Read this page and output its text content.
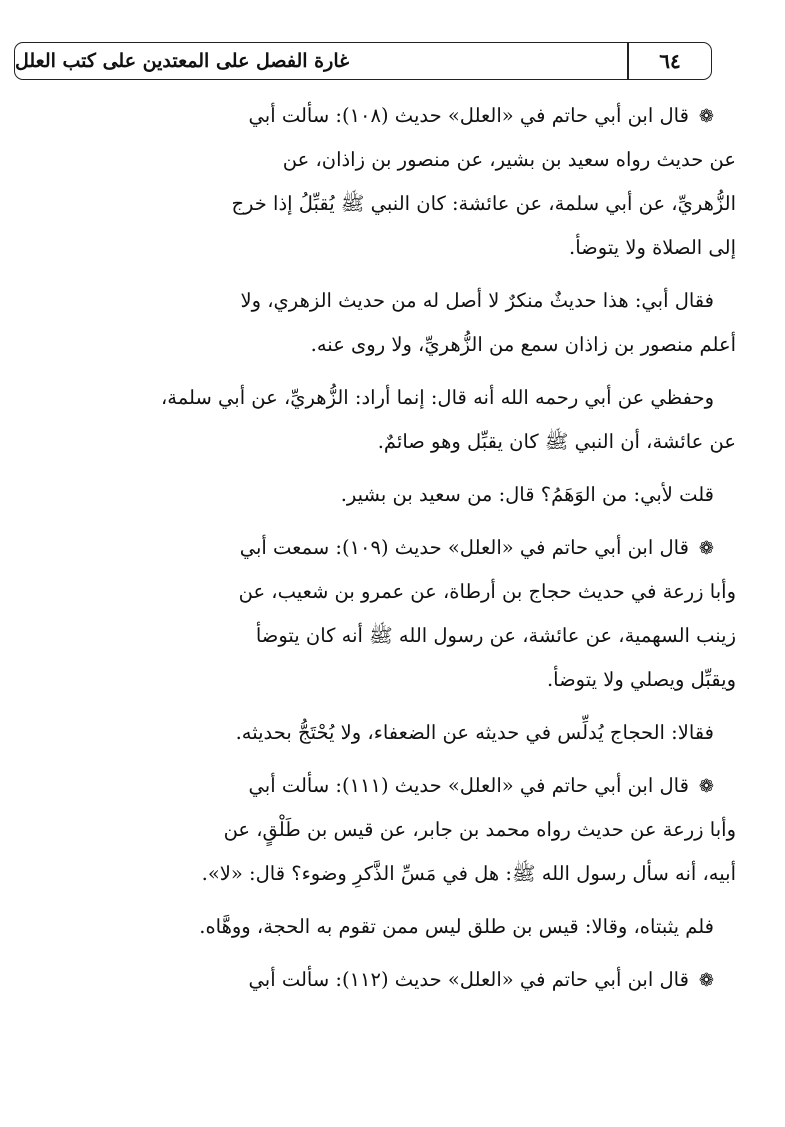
غارة الفصل على المعتدين على كتب العلل	٦٤
❁قال ابن أبي حاتم في «العلل» حديث (١٠٨): سألت أبي
عن حديث رواه سعيد بن بشير، عن منصور بن زاذان، عن
الزُّهريِّ، عن أبي سلمة، عن عائشة: كان النبي ﷺ يُقبِّلُ إذا خرج
إلى الصلاة ولا يتوضأ.
فقال أبي: هذا حديثٌ منكرٌ لا أصل له من حديث الزهري، ولا
أعلم منصور بن زاذان سمع من الزُّهريِّ، ولا روى عنه.
وحفظي عن أبي رحمه الله أنه قال: إنما أراد: الزُّهريِّ، عن أبي سلمة،
عن عائشة، أن النبي ﷺ كان يقبِّل وهو صائمٌ.
قلت لأبي: من الوَهَمُ؟ قال: من سعيد بن بشير.
❁قال ابن أبي حاتم في «العلل» حديث (١٠٩): سمعت أبي
وأبا زرعة في حديث حجاج بن أرطاة، عن عمرو بن شعيب، عن
زينب السهمية، عن عائشة، عن رسول الله ﷺ أنه كان يتوضأ
ويقبِّل ويصلي ولا يتوضأ.
فقالا: الحجاج يُدلِّس في حديثه عن الضعفاء، ولا يُحْتَجُّ بحديثه.
❁قال ابن أبي حاتم في «العلل» حديث (١١١): سألت أبي
وأبا زرعة عن حديث رواه محمد بن جابر، عن قيس بن طَلْقٍ، عن
أبيه، أنه سأل رسول الله ﷺ: هل في مَسِّ الذَّكرِ وضوء؟ قال: «لا».
فلم يثبتاه، وقالا: قيس بن طلق ليس ممن تقوم به الحجة، ووهَّاه.
❁قال ابن أبي حاتم في «العلل» حديث (١١٢): سألت أبي
